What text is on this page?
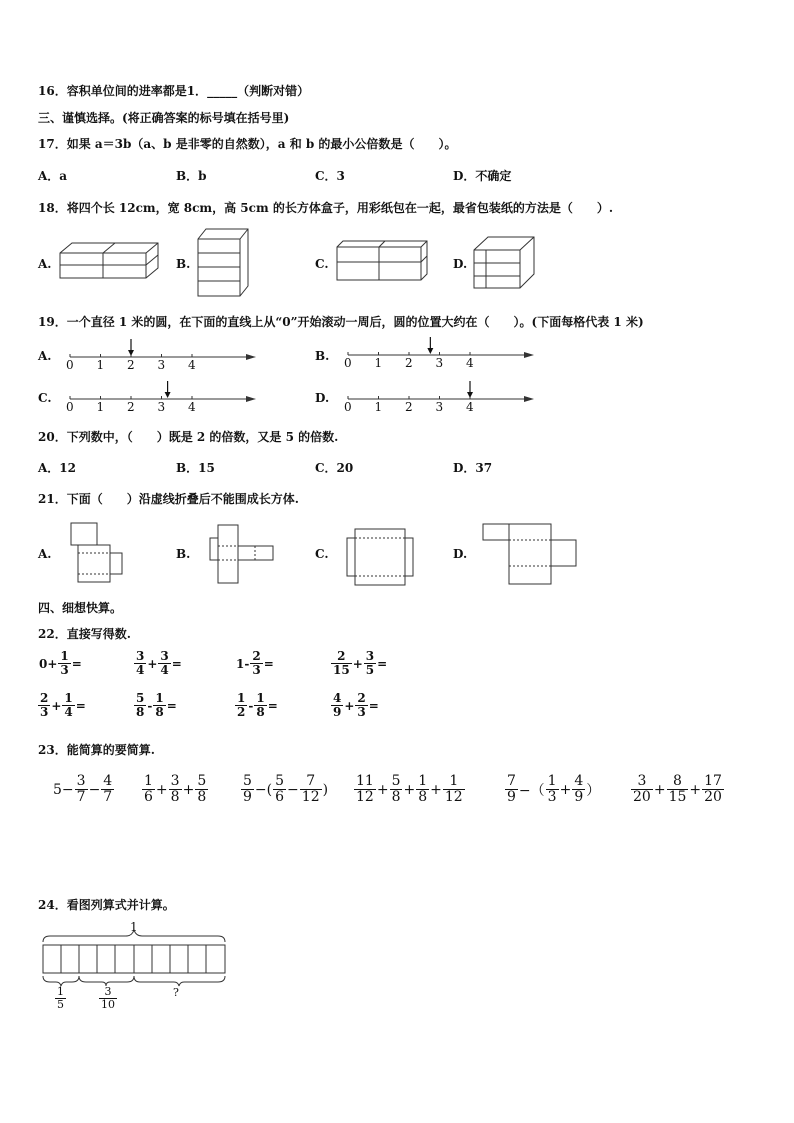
16．容积单位间的进率都是1．_____（判断对错）
三、谨慎选择。(将正确答案的标号填在括号里)
17．如果 a＝3b（a、b 是非零的自然数），a 和 b 的最小公倍数是（　　）。
A．a	B．b	C．3	D．不确定
18．将四个长 12cm，宽 8cm，高 5cm 的长方体盒子，用彩纸包在一起，最省包装纸的方法是（　　）.
A.	B.	C.	D.
19．一个直径 1 米的圆，在下面的直线上从“0”开始滚动一周后，圆的位置大约在（　　）。(下面每格代表 1 米)
A.	B.
C.	D.
0 1 2 3 4	0 1 2 3 4
0 1 2 3 4	0 1 2 3 4
20．下列数中，（　　）既是 2 的倍数，又是 5 的倍数.
A．12	B．15	C．20	D．37
21．下面（　　）沿虚线折叠后不能围成长方体.
A.	B.	C.	D.
四、细想快算。
22．直接写得数.
$0+ \frac{1}{3}$ =	$\frac{3}{4} + \frac{3}{4}$ =	$1- \frac{2}{3}$ =	$\frac{2}{15} + \frac{3}{5}$ =
$\frac{2}{3} + \frac{1}{4}$ =	$\frac{5}{8} - \frac{1}{8}$ =	$\frac{1}{2} - \frac{1}{8}$ =	$\frac{4}{9} + \frac{2}{3}$ =
23．能简算的要简算.
$5- \frac{3}{7} - \frac{4}{7} \frac{1}{6} + \frac{3}{8} + \frac{5}{8} \frac{5}{9}$ −( $\frac{5}{6} - \frac{7}{12}$ ) $\frac{11}{12} + \frac{5}{8} + \frac{1}{8} + \frac{1}{12}$	$\frac{7}{9}$ −（ $\frac{1}{3} + \frac{4}{9}$ ） $\frac{3}{20} + \frac{8}{15} + \frac{17}{20}$
24．看图列算式并计算。
1
$\frac{1}{5}$	$\frac{3}{10}$	?
